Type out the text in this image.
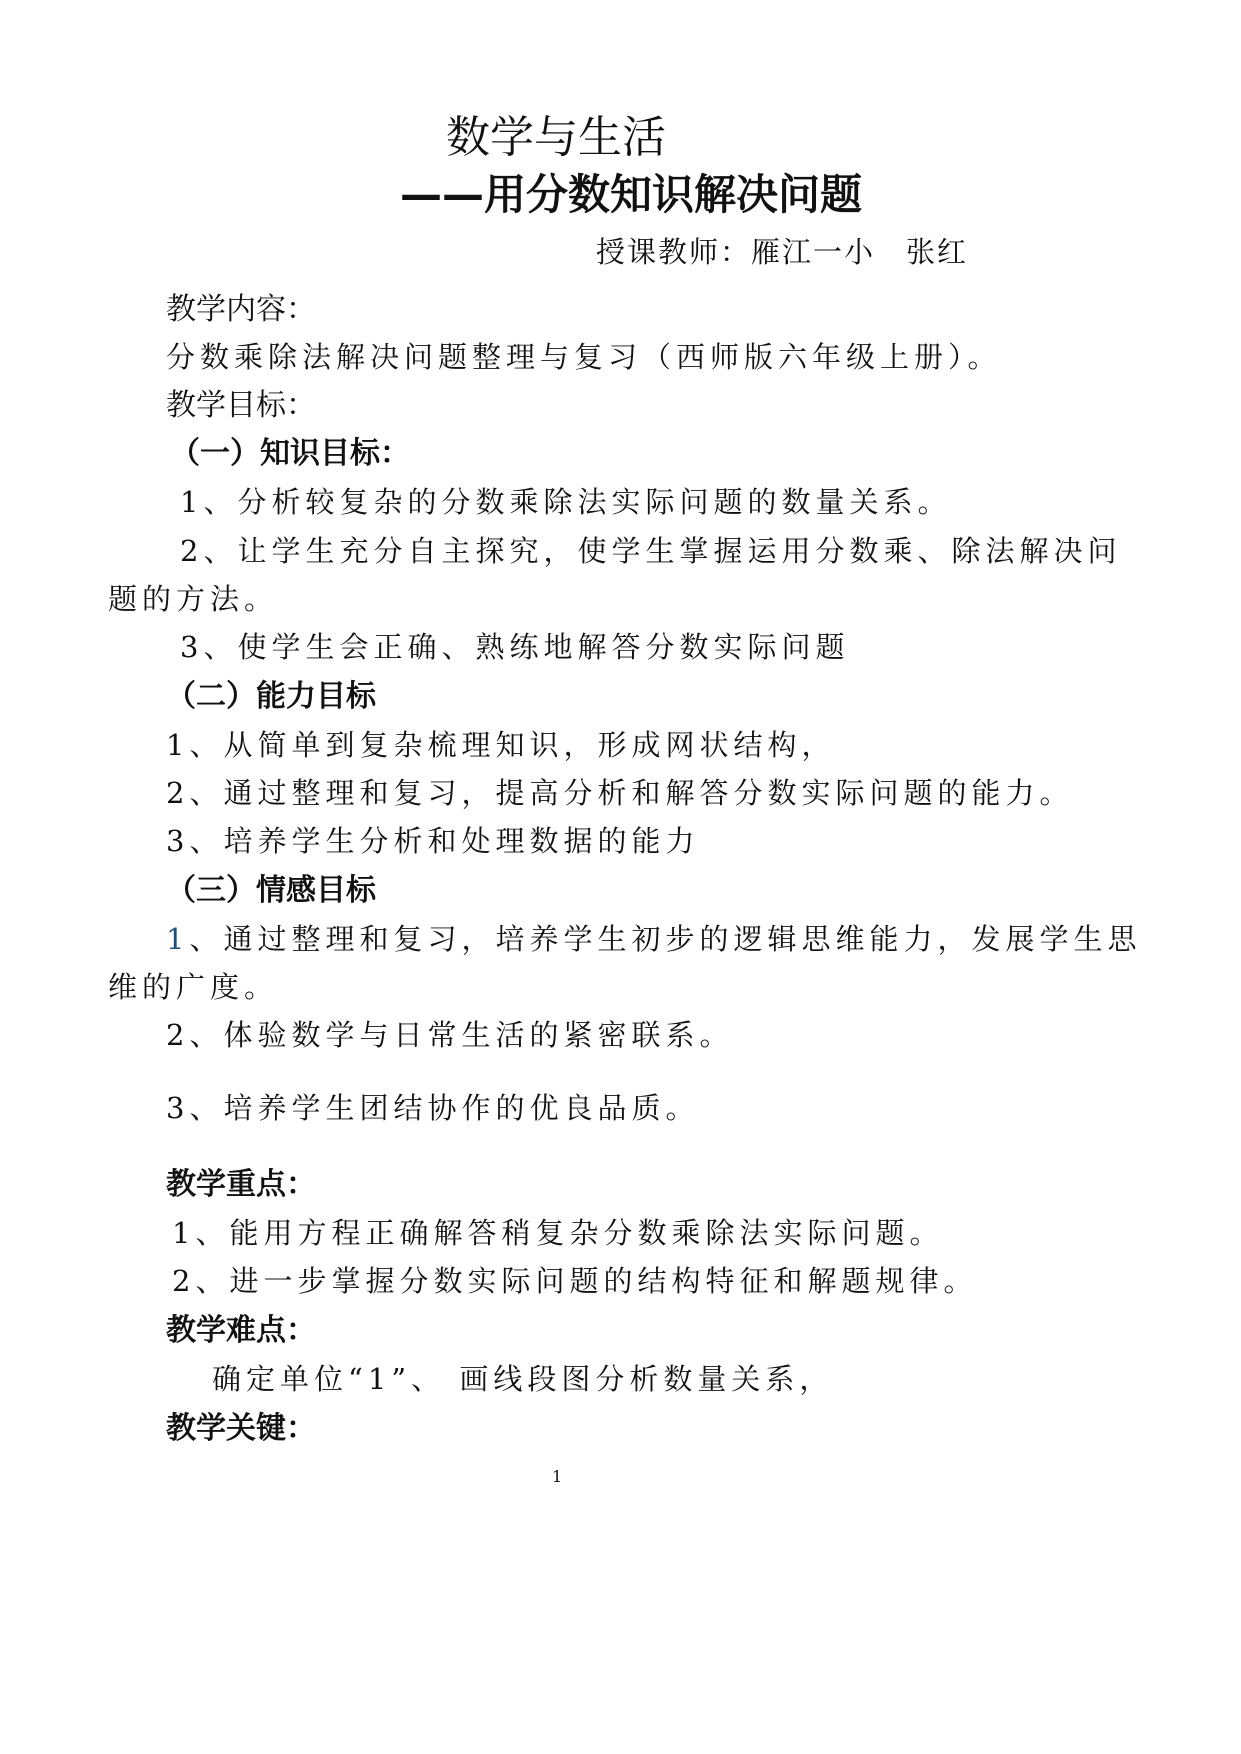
数学与生活
——用分数知识解决问题
授课教师：雁江一小　张红
教学内容：
分数乘除法解决问题整理与复习（西师版六年级上册）。
教学目标：
（一）知识目标：
1、分析较复杂的分数乘除法实际问题的数量关系。
2、让学生充分自主探究，使学生掌握运用分数乘、除法解决问
题的方法。
3、使学生会正确、熟练地解答分数实际问题
（二）能力目标
1、从简单到复杂梳理知识，形成网状结构，
2、通过整理和复习，提高分析和解答分数实际问题的能力。
3、培养学生分析和处理数据的能力
（三）情感目标
1、通过整理和复习，培养学生初步的逻辑思维能力，发展学生思
维的广度。
2、体验数学与日常生活的紧密联系。
3、培养学生团结协作的优良品质。
教学重点：
1、能用方程正确解答稍复杂分数乘除法实际问题。
2、进一步掌握分数实际问题的结构特征和解题规律。
教学难点：
确定单位“1”、 画线段图分析数量关系，
教学关键：
1
